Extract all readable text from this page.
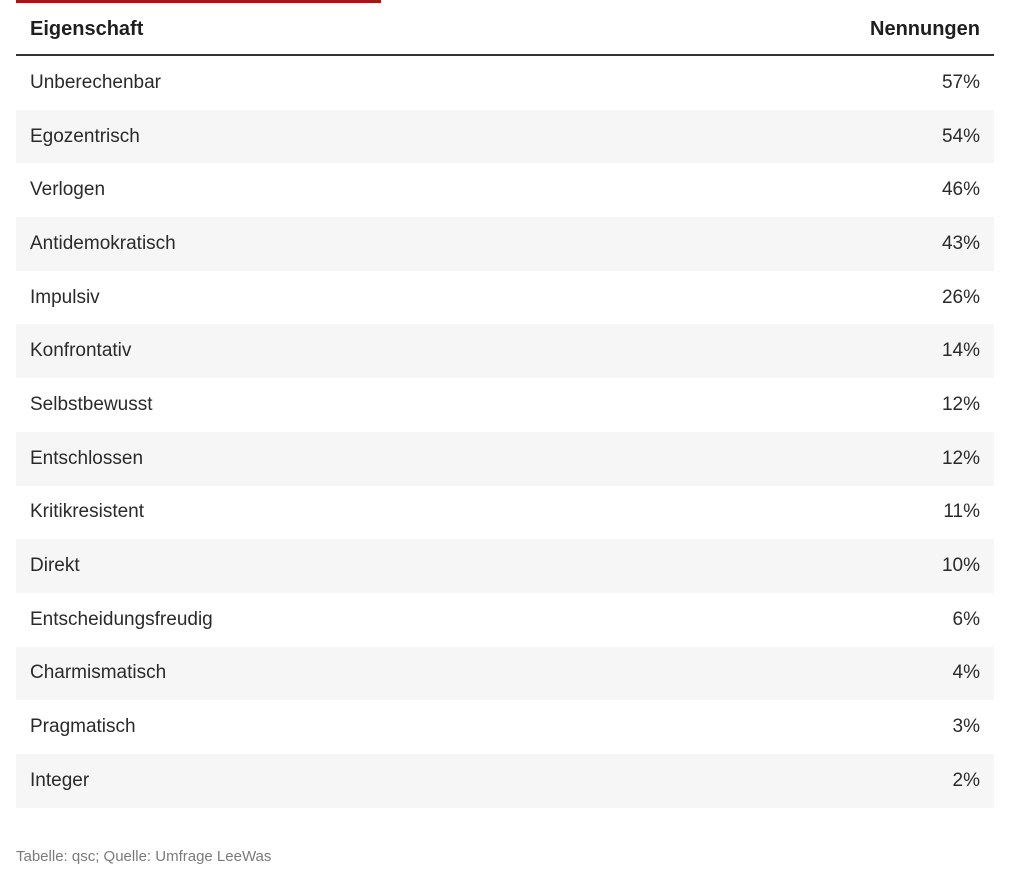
Eigenschaft	Nennungen
Unberechenbar	57%
Egozentrisch	54%
Verlogen	46%
Antidemokratisch	43%
Impulsiv	26%
Konfrontativ	14%
Selbstbewusst	12%
Entschlossen	12%
Kritikresistent	11%
Direkt	10%
Entscheidungsfreudig	6%
Charmismatisch	4%
Pragmatisch	3%
Integer	2%
Tabelle: qsc; Quelle: Umfrage LeeWas
